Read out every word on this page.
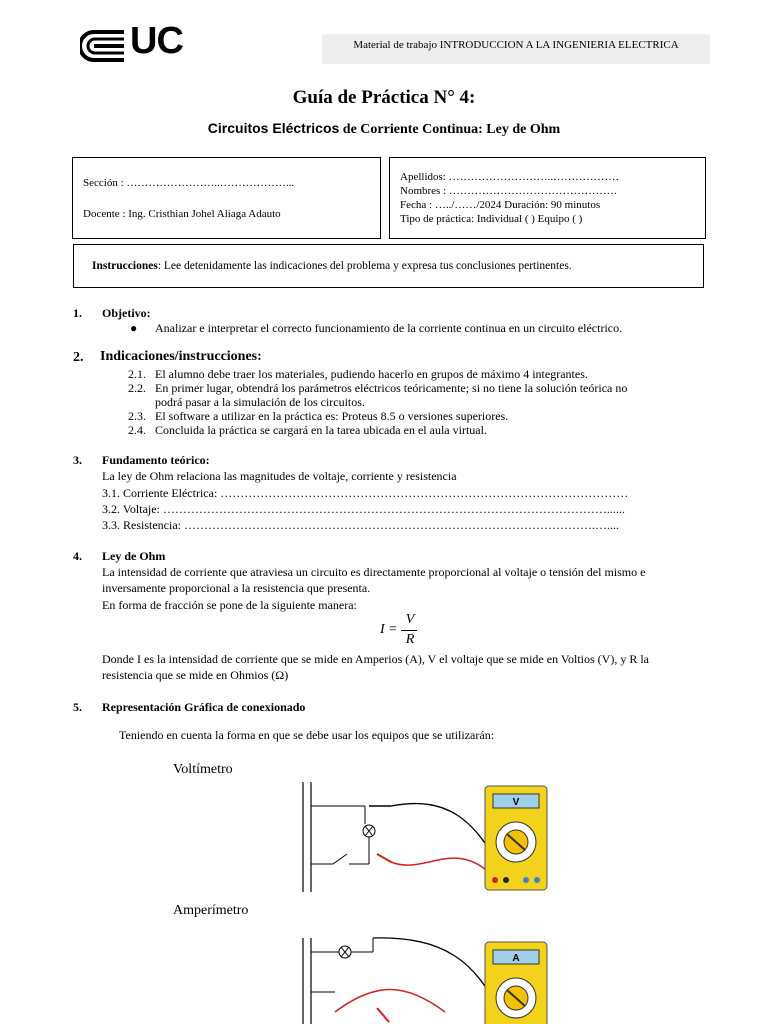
UC	Material de trabajo INTRODUCCION A LA INGENIERIA ELECTRICA
Guía de Práctica N° 4:
Circuitos Eléctricos de Corriente Continua: Ley de Ohm
Sección : ……………………..………………...
Docente : Ing. Cristhian Johel Aliaga Adauto
Apellidos: ………………………..………………
Nombres : ……………………………………….
Fecha : …../……/2024 Duración: 90 minutos
Tipo de práctica: Individual ( ) Equipo ( )
Instrucciones: Lee detenidamente las indicaciones del problema y expresa tus conclusiones pertinentes.
1. Objetivo:
● Analizar e interpretar el correcto funcionamiento de la corriente continua en un circuito eléctrico.
2. Indicaciones/instrucciones:
2.1. El alumno debe traer los materiales, pudiendo hacerlo en grupos de máximo 4 integrantes.
2.2. En primer lugar, obtendrá los parámetros eléctricos teóricamente; si no tiene la solución teórica no
podrá pasar a la simulación de los circuitos.
2.3. El software a utilizar en la práctica es: Proteus 8.5 o versiones superiores.
2.4. Concluida la práctica se cargará en la tarea ubicada en el aula virtual.
3. Fundamento teórico:
La ley de Ohm relaciona las magnitudes de voltaje, corriente y resistencia
3.1. Corriente Eléctrica: …………………………………………………………………………………………
3.2. Voltaje: …………………………………………………………………………………………………......
3.3. Resistencia: ………………………………………………………………………………………….…....
4. Ley de Ohm
La intensidad de corriente que atraviesa un circuito es directamente proporcional al voltaje o tensión del mismo e
inversamente proporcional a la resistencia que presenta.
En forma de fracción se pone de la siguiente manera:
I =
V
R
Donde I es la intensidad de corriente que se mide en Amperios (A), V el voltaje que se mide en Voltios (V), y R la
resistencia que se mide en Ohmios (Ω)
5. Representación Gráfica de conexionado
Teniendo en cuenta la forma en que se debe usar los equipos que se utilizarán:
Voltímetro
Amperímetro
V
A
